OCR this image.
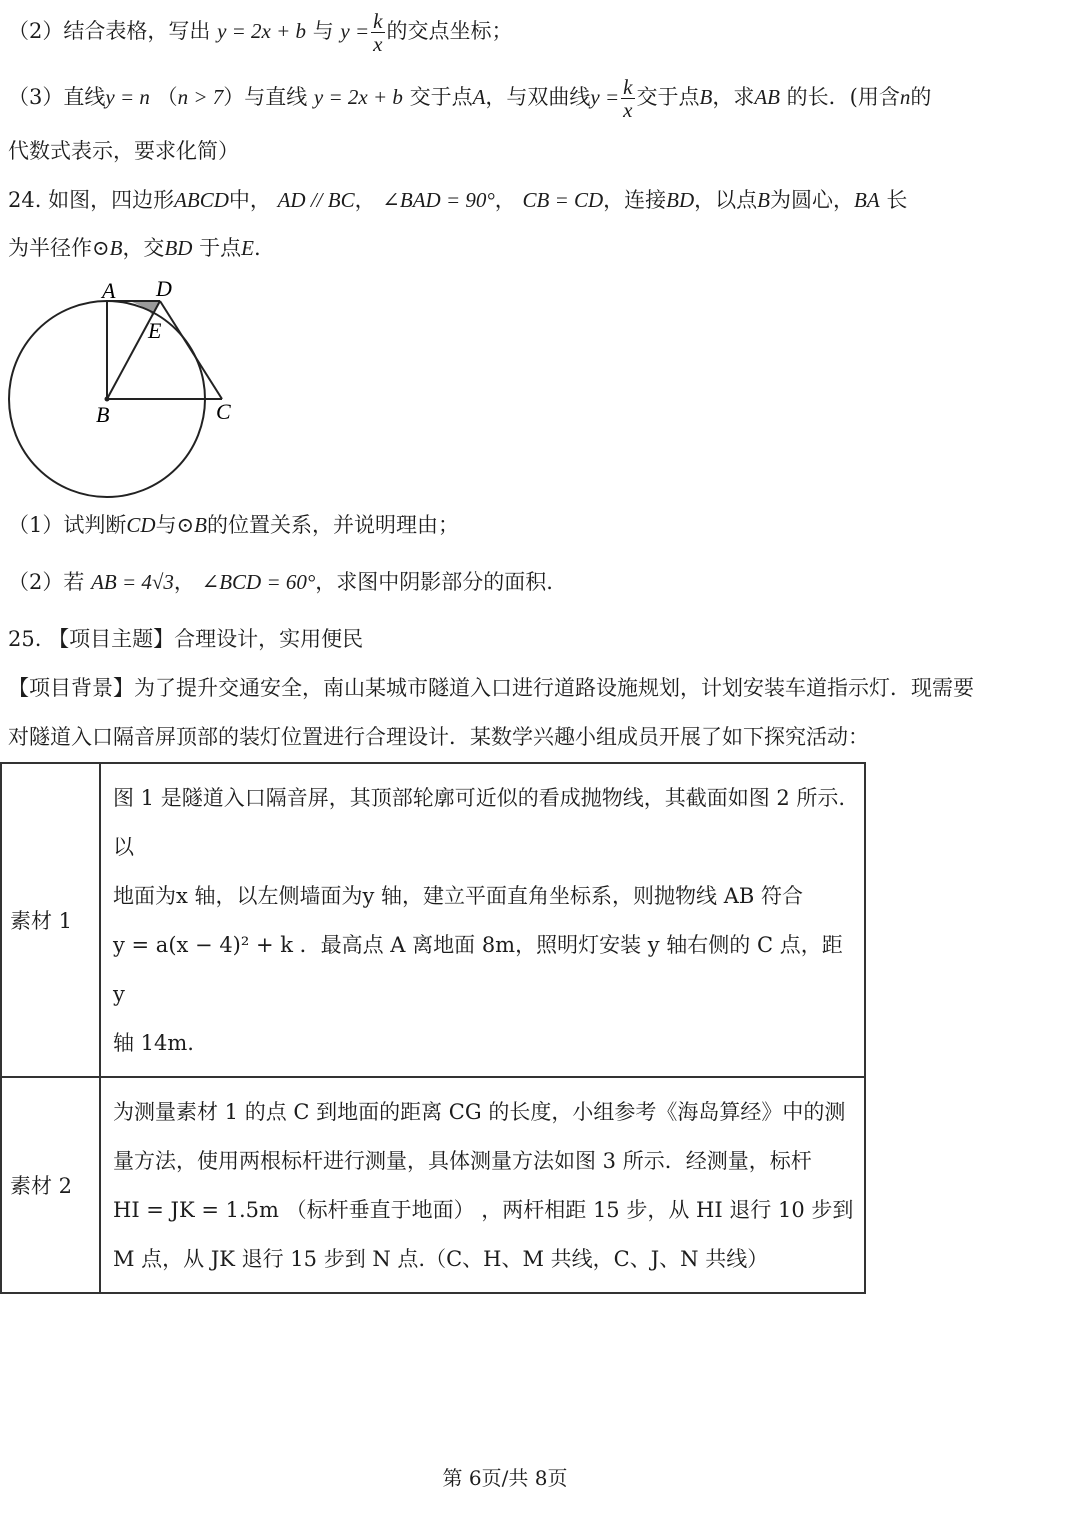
（2）结合表格，写出 y = 2x + b 与 $y = \frac{k}{x}$ 的交点坐标；
（3）直线y = n （n > 7）与直线 y = 2x + b 交于点A，与双曲线$y = \frac{k}{x}$ 交于点B，求AB 的长．(用含n的
代数式表示，要求化简）
24. 如图，四边形ABCD中， AD // BC， ∠BAD = 90°， CB = CD，连接BD，以点B为圆心，BA 长
为半径作⊙B，交BD 于点E.
A D
E
B	C
（1）试判断CD与⊙B的位置关系，并说明理由；
（2）若 AB = 4√3， ∠BCD = 60°，求图中阴影部分的面积.
25. 【项目主题】合理设计，实用便民
【项目背景】为了提升交通安全，南山某城市隧道入口进行道路设施规划，计划安装车道指示灯．现需要
对隧道入口隔音屏顶部的装灯位置进行合理设计．某数学兴趣小组成员开展了如下探究活动：
素材 1	图 1 是隧道入口隔音屏，其顶部轮廓可近似的看成抛物线，其截面如图 2 所示.
以
地面为x 轴，以左侧墙面为y 轴，建立平面直角坐标系，则抛物线 AB 符合
y = a(x − 4)² + k ．最高点 A 离地面 8m，照明灯安装 y 轴右侧的 C 点，距 y
轴 14m.

素材 2	为测量素材 1 的点 C 到地面的距离 CG 的长度，小组参考《海岛算经》中的测
量方法，使用两根标杆进行测量，具体测量方法如图 3 所示．经测量，标杆
HI = JK = 1.5m （标杆垂直于地面） ，两杆相距 15 步，从 HI 退行 10 步到
M 点，从 JK 退行 15 步到 N 点.（C、H、M 共线，C、J、N 共线）
第 6页/共 8页
